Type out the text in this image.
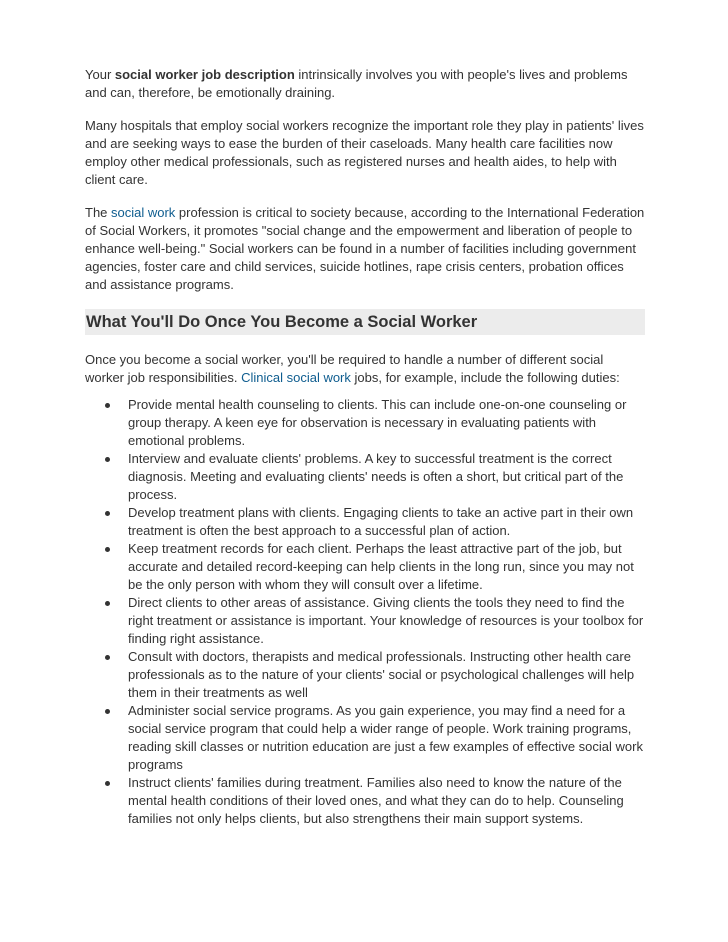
Your social worker job description intrinsically involves you with people's lives and problems and can, therefore, be emotionally draining.

Many hospitals that employ social workers recognize the important role they play in patients' lives and are seeking ways to ease the burden of their caseloads. Many health care facilities now employ other medical professionals, such as registered nurses and health aides, to help with client care.

The social work profession is critical to society because, according to the International Federation of Social Workers, it promotes "social change and the empowerment and liberation of people to enhance well-being." Social workers can be found in a number of facilities including government agencies, foster care and child services, suicide hotlines, rape crisis centers, probation offices and assistance programs.

What You'll Do Once You Become a Social Worker

Once you become a social worker, you'll be required to handle a number of different social worker job responsibilities. Clinical social work jobs, for example, include the following duties:

Provide mental health counseling to clients. This can include one-on-one counseling or group therapy. A keen eye for observation is necessary in evaluating patients with emotional problems.
Interview and evaluate clients' problems. A key to successful treatment is the correct diagnosis. Meeting and evaluating clients' needs is often a short, but critical part of the process.
Develop treatment plans with clients. Engaging clients to take an active part in their own treatment is often the best approach to a successful plan of action.
Keep treatment records for each client. Perhaps the least attractive part of the job, but accurate and detailed record-keeping can help clients in the long run, since you may not be the only person with whom they will consult over a lifetime.
Direct clients to other areas of assistance. Giving clients the tools they need to find the right treatment or assistance is important. Your knowledge of resources is your toolbox for finding right assistance.
Consult with doctors, therapists and medical professionals. Instructing other health care professionals as to the nature of your clients' social or psychological challenges will help them in their treatments as well
Administer social service programs. As you gain experience, you may find a need for a social service program that could help a wider range of people. Work training programs, reading skill classes or nutrition education are just a few examples of effective social work programs
Instruct clients' families during treatment. Families also need to know the nature of the mental health conditions of their loved ones, and what they can do to help. Counseling families not only helps clients, but also strengthens their main support systems.
